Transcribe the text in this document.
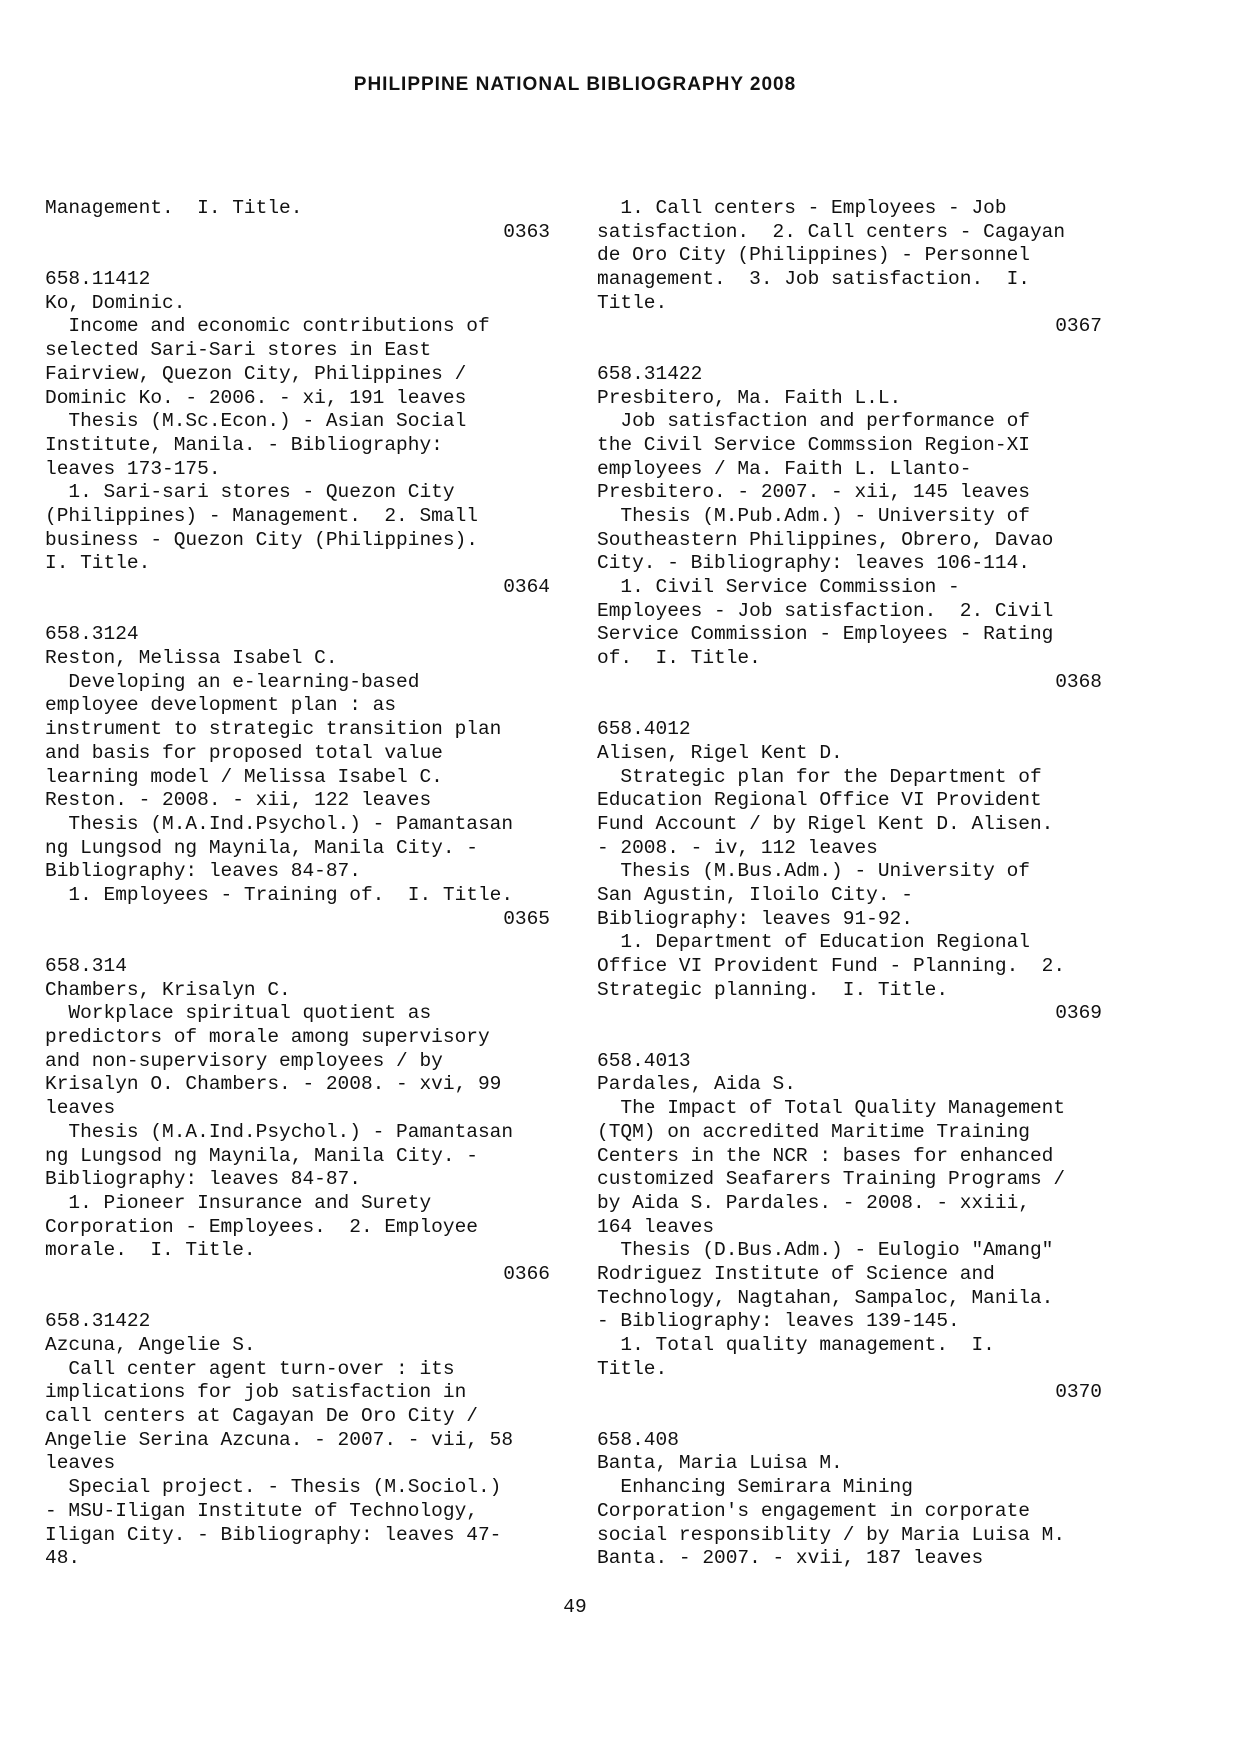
PHILIPPINE NATIONAL BIBLIOGRAPHY 2008
Management.  I. Title.
0363
658.11412
Ko, Dominic.
Income and economic contributions of
selected Sari-Sari stores in East
Fairview, Quezon City, Philippines /
Dominic Ko. - 2006. - xi, 191 leaves
Thesis (M.Sc.Econ.) - Asian Social
Institute, Manila. - Bibliography:
leaves 173-175.
1. Sari-sari stores - Quezon City
(Philippines) - Management.  2. Small
business - Quezon City (Philippines).
I. Title.
0364
658.3124
Reston, Melissa Isabel C.
Developing an e-learning-based
employee development plan : as
instrument to strategic transition plan
and basis for proposed total value
learning model / Melissa Isabel C.
Reston. - 2008. - xii, 122 leaves
Thesis (M.A.Ind.Psychol.) - Pamantasan
ng Lungsod ng Maynila, Manila City. -
Bibliography: leaves 84-87.
1. Employees - Training of.  I. Title.
0365
658.314
Chambers, Krisalyn C.
Workplace spiritual quotient as
predictors of morale among supervisory
and non-supervisory employees / by
Krisalyn O. Chambers. - 2008. - xvi, 99
leaves
Thesis (M.A.Ind.Psychol.) - Pamantasan
ng Lungsod ng Maynila, Manila City. -
Bibliography: leaves 84-87.
1. Pioneer Insurance and Surety
Corporation - Employees.  2. Employee
morale.  I. Title.
0366
658.31422
Azcuna, Angelie S.
Call center agent turn-over : its
implications for job satisfaction in
call centers at Cagayan De Oro City /
Angelie Serina Azcuna. - 2007. - vii, 58
leaves
Special project. - Thesis (M.Sociol.)
- MSU-Iligan Institute of Technology,
Iligan City. - Bibliography: leaves 47-
48.
1. Call centers - Employees - Job
satisfaction.  2. Call centers - Cagayan
de Oro City (Philippines) - Personnel
management.  3. Job satisfaction.  I.
Title.
0367
658.31422
Presbitero, Ma. Faith L.L.
Job satisfaction and performance of
the Civil Service Commssion Region-XI
employees / Ma. Faith L. Llanto-
Presbitero. - 2007. - xii, 145 leaves
Thesis (M.Pub.Adm.) - University of
Southeastern Philippines, Obrero, Davao
City. - Bibliography: leaves 106-114.
1. Civil Service Commission -
Employees - Job satisfaction.  2. Civil
Service Commission - Employees - Rating
of.  I. Title.
0368
658.4012
Alisen, Rigel Kent D.
Strategic plan for the Department of
Education Regional Office VI Provident
Fund Account / by Rigel Kent D. Alisen.
- 2008. - iv, 112 leaves
Thesis (M.Bus.Adm.) - University of
San Agustin, Iloilo City. -
Bibliography: leaves 91-92.
1. Department of Education Regional
Office VI Provident Fund - Planning.  2.
Strategic planning.  I. Title.
0369
658.4013
Pardales, Aida S.
The Impact of Total Quality Management
(TQM) on accredited Maritime Training
Centers in the NCR : bases for enhanced
customized Seafarers Training Programs /
by Aida S. Pardales. - 2008. - xxiii,
164 leaves
Thesis (D.Bus.Adm.) - Eulogio "Amang"
Rodriguez Institute of Science and
Technology, Nagtahan, Sampaloc, Manila.
- Bibliography: leaves 139-145.
1. Total quality management.  I.
Title.
0370
658.408
Banta, Maria Luisa M.
Enhancing Semirara Mining
Corporation's engagement in corporate
social responsiblity / by Maria Luisa M.
Banta. - 2007. - xvii, 187 leaves
49
